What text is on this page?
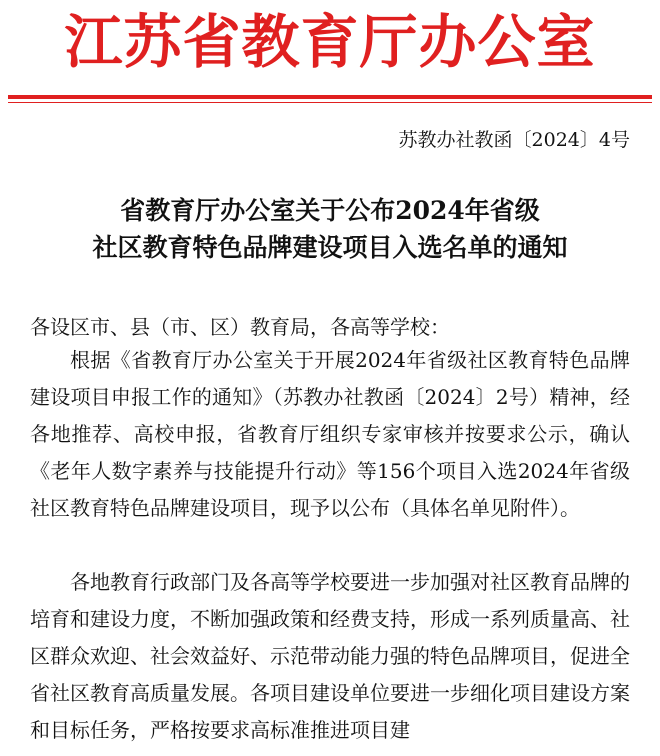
江苏省教育厅办公室
苏教办社教函〔2024〕4号
省教育厅办公室关于公布2024年省级
社区教育特色品牌建设项目入选名单的通知
各设区市、县（市、区）教育局，各高等学校：

根据《省教育厅办公室关于开展2024年省级社区教育特色品牌建设项目申报工作的通知》（苏教办社教函〔2024〕2号）精神，经各地推荐、高校申报，省教育厅组织专家审核并按要求公示，确认《老年人数字素养与技能提升行动》等156个项目入选2024年省级社区教育特色品牌建设项目，现予以公布（具体名单见附件）。

各地教育行政部门及各高等学校要进一步加强对社区教育品牌的培育和建设力度，不断加强政策和经费支持，形成一系列质量高、社区群众欢迎、社会效益好、示范带动能力强的特色品牌项目，促进全省社区教育高质量发展。各项目建设单位要进一步细化项目建设方案和目标任务，严格按要求高标准推进项目建
